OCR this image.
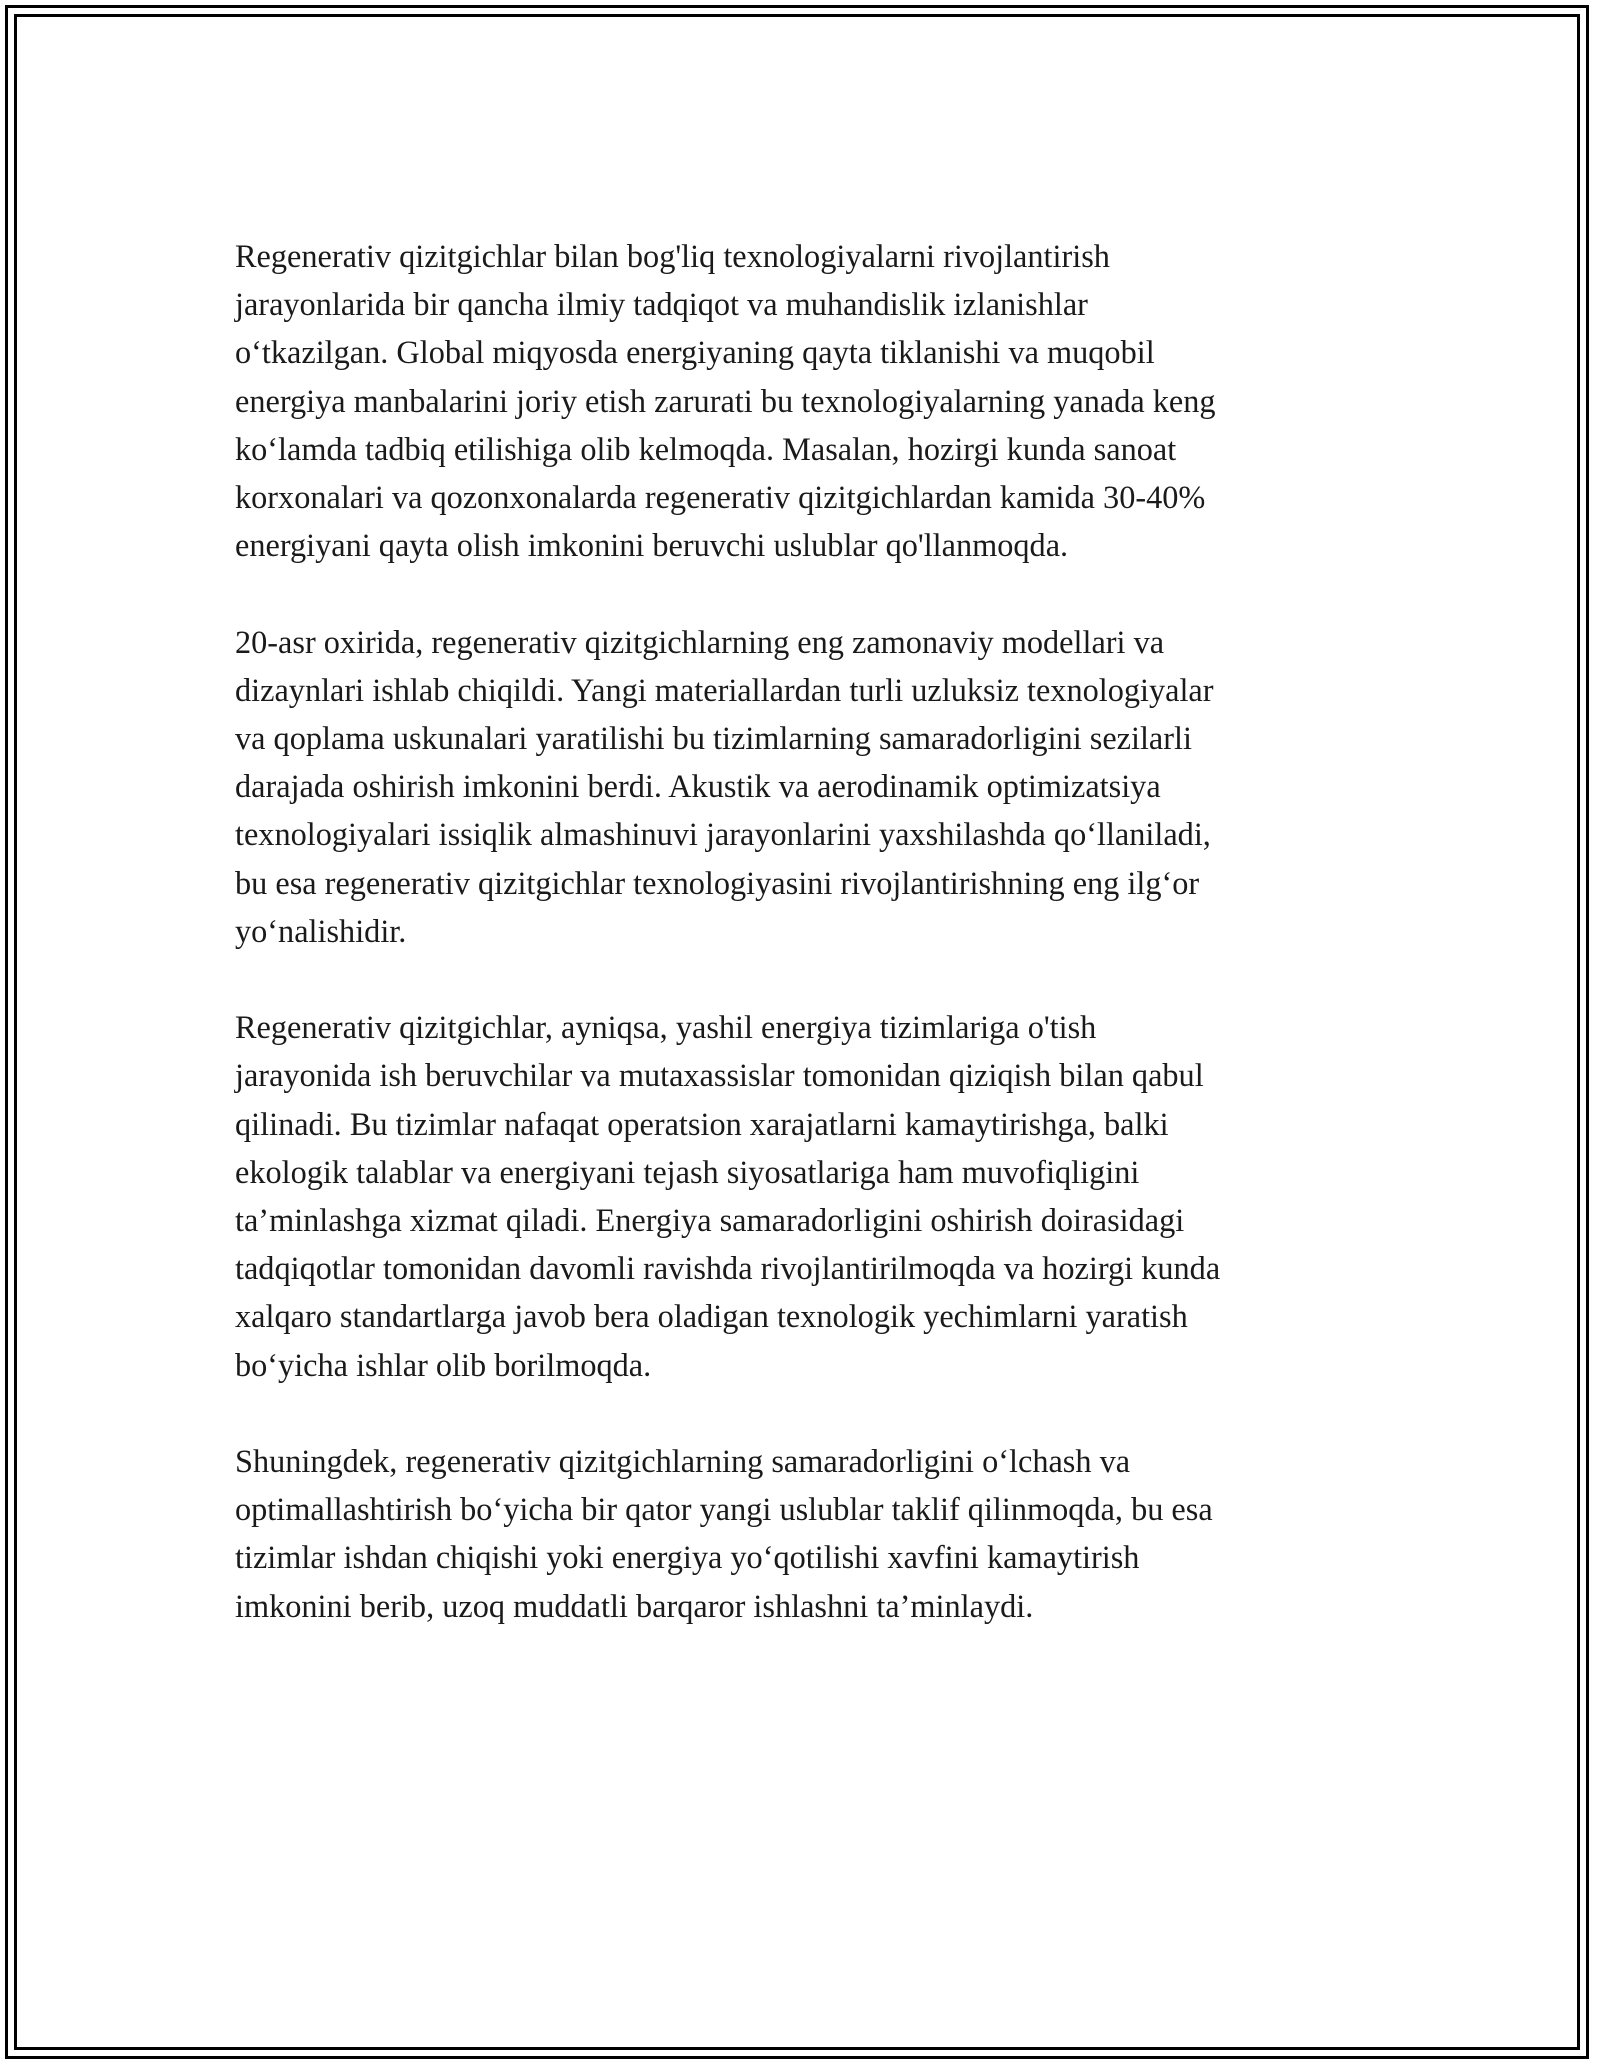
Regenerativ qizitgichlar bilan bog'liq texnologiyalarni rivojlantirish
jarayonlarida bir qancha ilmiy tadqiqot va muhandislik izlanishlar
o‘tkazilgan. Global miqyosda energiyaning qayta tiklanishi va muqobil
energiya manbalarini joriy etish zarurati bu texnologiyalarning yanada keng
ko‘lamda tadbiq etilishiga olib kelmoqda. Masalan, hozirgi kunda sanoat
korxonalari va qozonxonalarda regenerativ qizitgichlardan kamida 30-40%
energiyani qayta olish imkonini beruvchi uslublar qo'llanmoqda.

20-asr oxirida, regenerativ qizitgichlarning eng zamonaviy modellari va
dizaynlari ishlab chiqildi. Yangi materiallardan turli uzluksiz texnologiyalar
va qoplama uskunalari yaratilishi bu tizimlarning samaradorligini sezilarli
darajada oshirish imkonini berdi. Akustik va aerodinamik optimizatsiya
texnologiyalari issiqlik almashinuvi jarayonlarini yaxshilashda qo‘llaniladi,
bu esa regenerativ qizitgichlar texnologiyasini rivojlantirishning eng ilg‘or
yo‘nalishidir.

Regenerativ qizitgichlar, ayniqsa, yashil energiya tizimlariga o'tish
jarayonida ish beruvchilar va mutaxassislar tomonidan qiziqish bilan qabul
qilinadi. Bu tizimlar nafaqat operatsion xarajatlarni kamaytirishga, balki
ekologik talablar va energiyani tejash siyosatlariga ham muvofiqligini
ta’minlashga xizmat qiladi. Energiya samaradorligini oshirish doirasidagi
tadqiqotlar tomonidan davomli ravishda rivojlantirilmoqda va hozirgi kunda
xalqaro standartlarga javob bera oladigan texnologik yechimlarni yaratish
bo‘yicha ishlar olib borilmoqda.

Shuningdek, regenerativ qizitgichlarning samaradorligini o‘lchash va
optimallashtirish bo‘yicha bir qator yangi uslublar taklif qilinmoqda, bu esa
tizimlar ishdan chiqishi yoki energiya yo‘qotilishi xavfini kamaytirish
imkonini berib, uzoq muddatli barqaror ishlashni ta’minlaydi.
